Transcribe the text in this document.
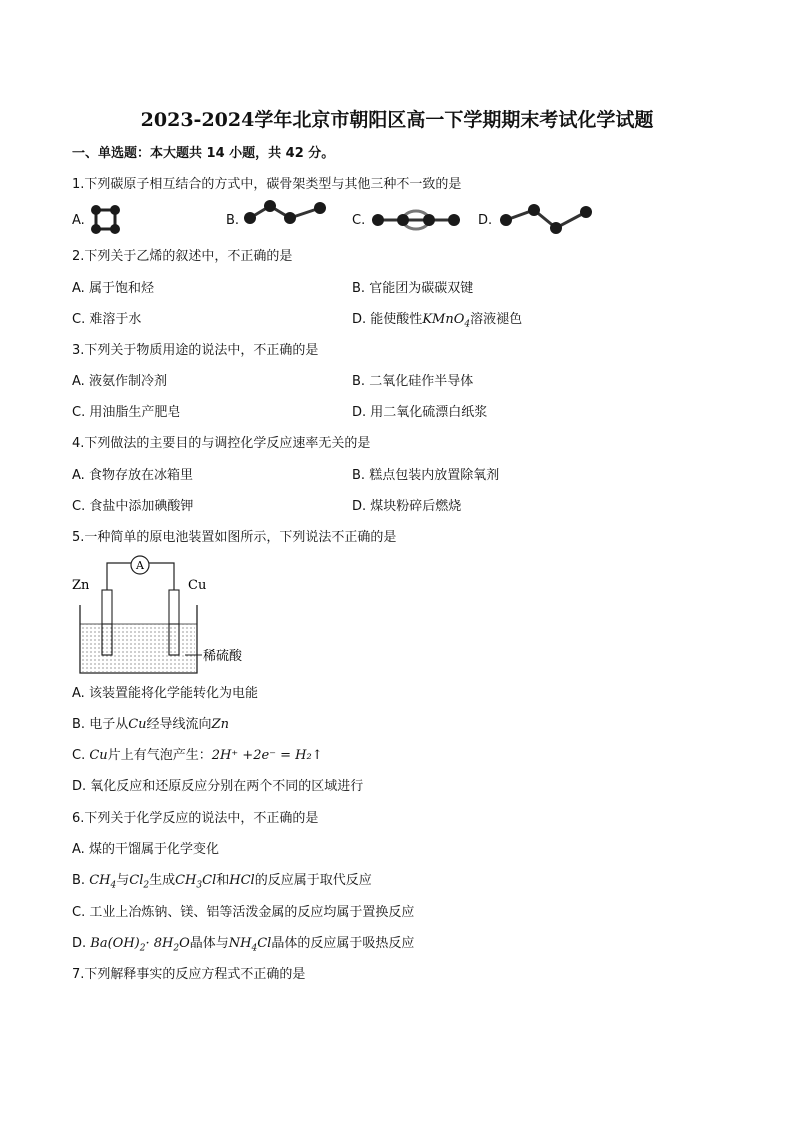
2023-2024学年北京市朝阳区高一下学期期末考试化学试题
一、单选题：本大题共 14 小题，共 42 分。
1.下列碳原子相互结合的方式中，碳骨架类型与其他三种不一致的是
A.	B.	C.	D.
2.下列关于乙烯的叙述中，不正确的是
A. 属于饱和烃	B. 官能团为碳碳双键
C. 难溶于水	D. 能使酸性KMnO$_4$溶液褪色
3.下列关于物质用途的说法中，不正确的是
A. 液氨作制冷剂	B. 二氧化硅作半导体
C. 用油脂生产肥皂	D. 用二氧化硫漂白纸浆
4.下列做法的主要目的与调控化学反应速率无关的是
A. 食物存放在冰箱里	B. 糕点包装内放置除氧剂
C. 食盐中添加碘酸钾	D. 煤块粉碎后燃烧
5.一种简单的原电池装置如图所示，下列说法不正确的是
A
Zn	Cu
稀硫酸
A. 该装置能将化学能转化为电能
B. 电子从Cu经导线流向Zn
C. Cu片上有气泡产生：2H⁺ +2e⁻ = H₂↑
D. 氧化反应和还原反应分别在两个不同的区域进行
6.下列关于化学反应的说法中，不正确的是
A. 煤的干馏属于化学变化
B. $CH_4$与$Cl_2$生成$CH_3Cl$和HCl的反应属于取代反应
C. 工业上冶炼钠、镁、铝等活泼金属的反应均属于置换反应
D. $Ba(OH)_2\cdot 8H_2O$晶体与$NH_4Cl$晶体的反应属于吸热反应
7.下列解释事实的反应方程式不正确的是
